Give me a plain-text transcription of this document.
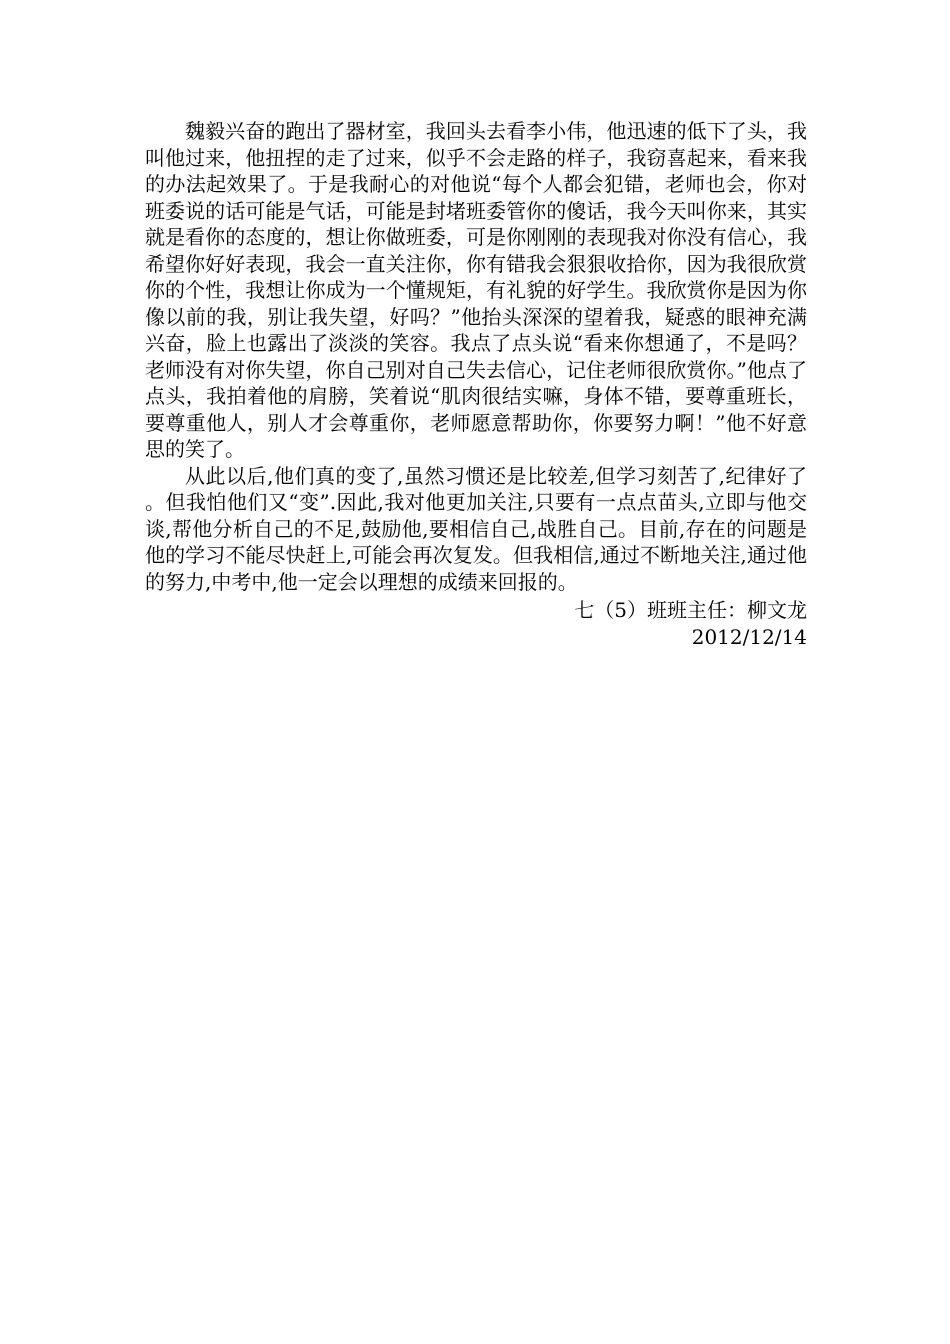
魏毅兴奋的跑出了器材室，我回头去看李小伟，他迅速的低下了头，我叫他过来，他扭捏的走了过来，似乎不会走路的样子，我窃喜起来，看来我的办法起效果了。于是我耐心的对他说“每个人都会犯错，老师也会，你对班委说的话可能是气话，可能是封堵班委管你的傻话，我今天叫你来，其实就是看你的态度的，想让你做班委，可是你刚刚的表现我对你没有信心，我希望你好好表现，我会一直关注你，你有错我会狠狠收拾你，因为我很欣赏你的个性，我想让你成为一个懂规矩，有礼貌的好学生。我欣赏你是因为你像以前的我，别让我失望，好吗？”他抬头深深的望着我，疑惑的眼神充满兴奋，脸上也露出了淡淡的笑容。我点了点头说“看来你想通了，不是吗？老师没有对你失望，你自己别对自己失去信心，记住老师很欣赏你。”他点了点头，我拍着他的肩膀，笑着说“肌肉很结实嘛，身体不错，要尊重班长，要尊重他人，别人才会尊重你，老师愿意帮助你，你要努力啊！”他不好意思的笑了。

从此以后,他们真的变了,虽然习惯还是比较差,但学习刻苦了,纪律好了。但我怕他们又“变”.因此,我对他更加关注,只要有一点点苗头,立即与他交谈,帮他分析自己的不足,鼓励他,要相信自己,战胜自己。目前,存在的问题是他的学习不能尽快赶上,可能会再次复发。但我相信,通过不断地关注,通过他的努力,中考中,他一定会以理想的成绩来回报的。

七（5）班班主任：柳文龙
2012/12/14
